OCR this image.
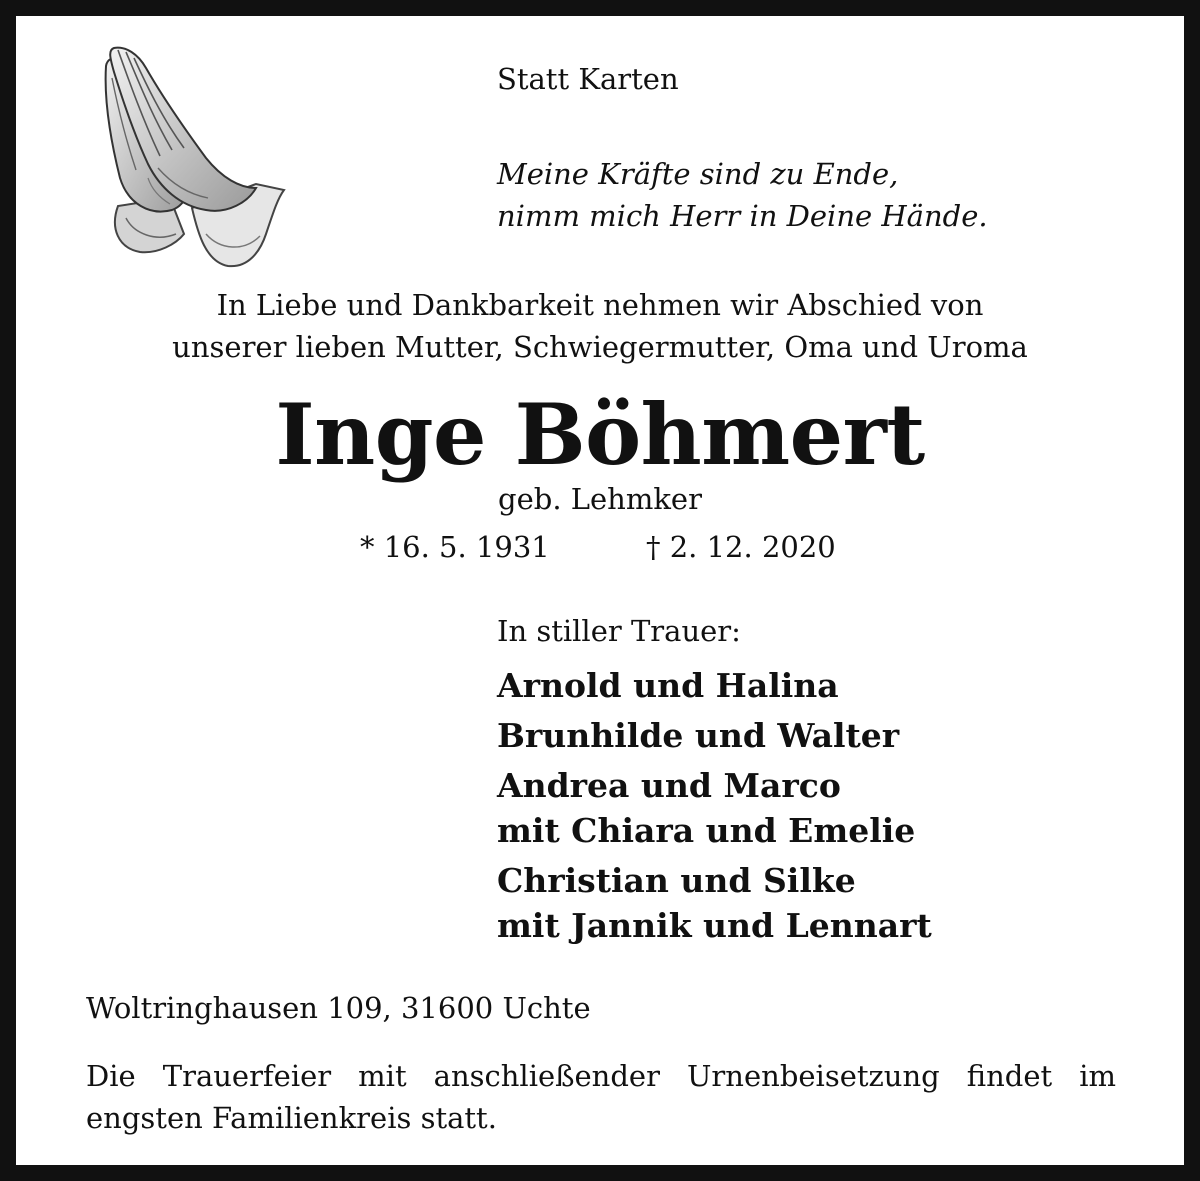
Statt Karten
Meine Kräfte sind zu Ende,
nimm mich Herr in Deine Hände.
In Liebe und Dankbarkeit nehmen wir Abschied von
unserer lieben Mutter, Schwiegermutter, Oma und Uroma
Inge Böhmert
geb. Lehmker
* 16. 5. 1931	† 2. 12. 2020
In stiller Trauer:
Arnold und Halina
Brunhilde und Walter
Andrea und Marco
mit Chiara und Emelie
Christian und Silke
mit Jannik und Lennart
Woltringhausen 109, 31600 Uchte
Die Trauerfeier mit anschließender Urnenbeisetzung findet im
engsten Familienkreis statt.
